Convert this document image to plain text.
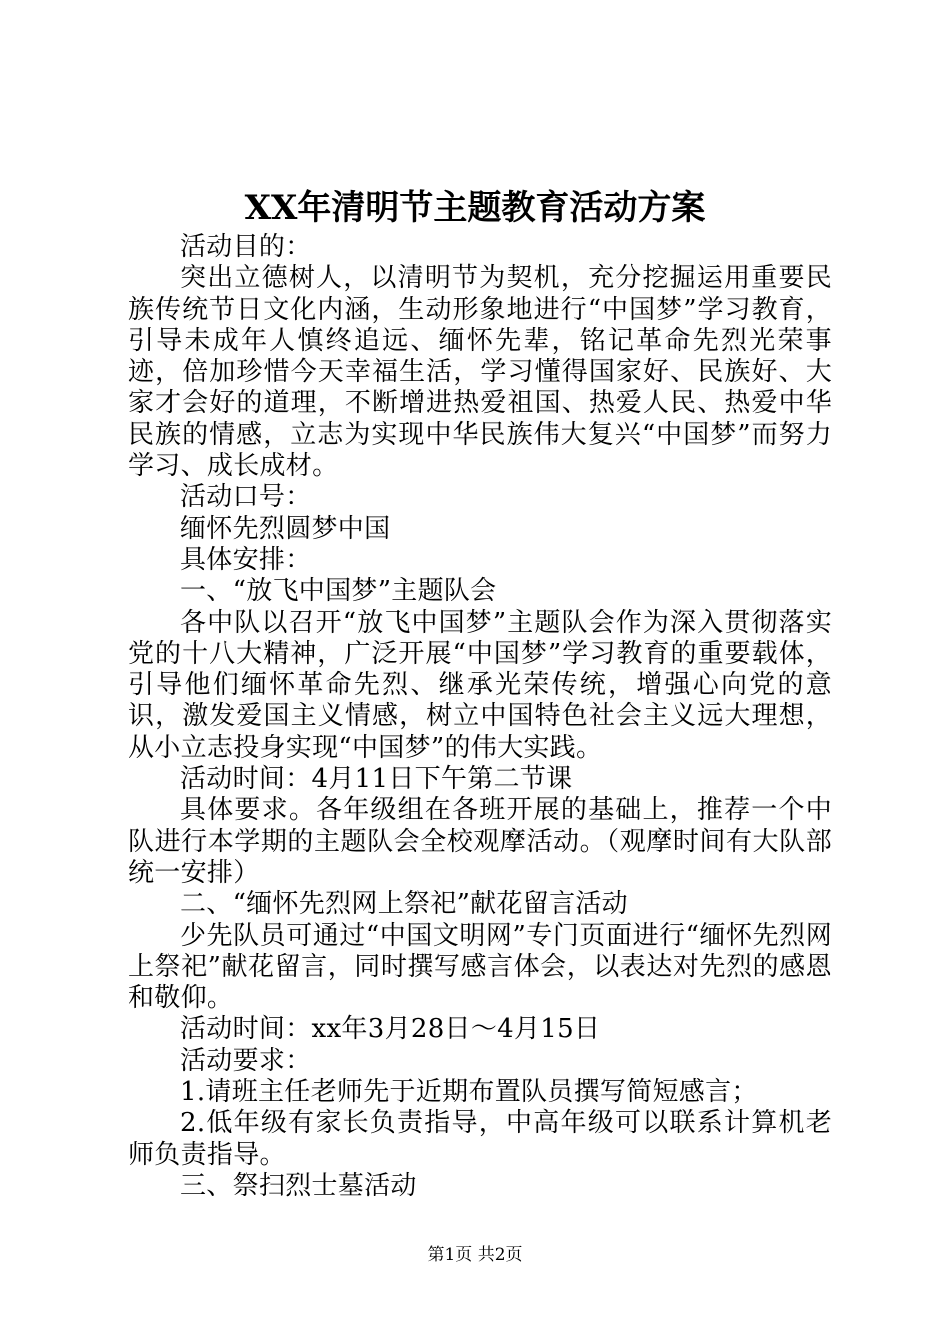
XX年清明节主题教育活动方案

活动目的：

突出立德树人，以清明节为契机，充分挖掘运用重要民族传统节日文化内涵，生动形象地进行“中国梦”学习教育，引导未成年人慎终追远、缅怀先辈，铭记革命先烈光荣事迹，倍加珍惜今天幸福生活，学习懂得国家好、民族好、大家才会好的道理，不断增进热爱祖国、热爱人民、热爱中华民族的情感，立志为实现中华民族伟大复兴“中国梦”而努力学习、成长成材。

活动口号：

缅怀先烈圆梦中国

具体安排：

一、“放飞中国梦”主题队会

各中队以召开“放飞中国梦”主题队会作为深入贯彻落实党的十八大精神，广泛开展“中国梦”学习教育的重要载体，引导他们缅怀革命先烈、继承光荣传统，增强心向党的意识，激发爱国主义情感，树立中国特色社会主义远大理想，从小立志投身实现“中国梦”的伟大实践。

活动时间：4月11日下午第二节课

具体要求。各年级组在各班开展的基础上，推荐一个中队进行本学期的主题队会全校观摩活动。（观摩时间有大队部统一安排）

二、“缅怀先烈网上祭祀”献花留言活动

少先队员可通过“中国文明网”专门页面进行“缅怀先烈网上祭祀”献花留言，同时撰写感言体会，以表达对先烈的感恩和敬仰。

活动时间：xx年3月28日～4月15日

活动要求：

1.请班主任老师先于近期布置队员撰写简短感言；

2.低年级有家长负责指导，中高年级可以联系计算机老师负责指导。

三、祭扫烈士墓活动

第1页 共2页
